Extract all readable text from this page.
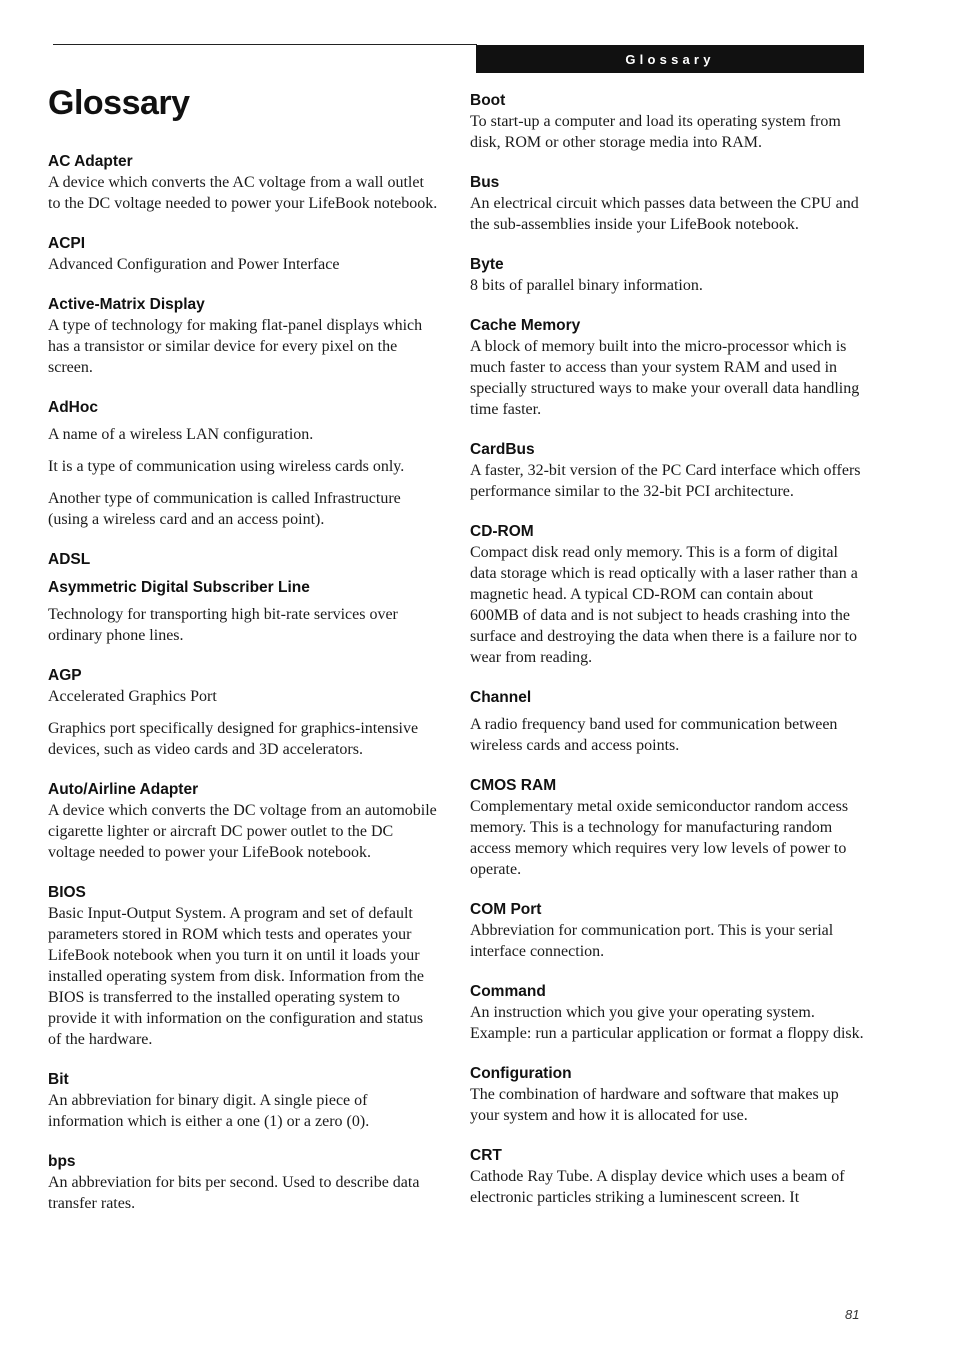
Glossary
Glossary
AC Adapter

A device which converts the AC voltage from a wall outlet to the DC voltage needed to power your LifeBook notebook.

ACPI

Advanced Configuration and Power Interface

Active-Matrix Display

A type of technology for making flat-panel displays which has a transistor or similar device for every pixel on the screen.

AdHoc

A name of a wireless LAN configuration.

It is a type of communication using wireless cards only.

Another type of communication is called Infrastructure (using a wireless card and an access point).

ADSL
Asymmetric Digital Subscriber Line

Technology for transporting high bit-rate services over ordinary phone lines.

AGP

Accelerated Graphics Port

Graphics port specifically designed for graphics-intensive devices, such as video cards and 3D accelerators.

Auto/Airline Adapter

A device which converts the DC voltage from an automobile cigarette lighter or aircraft DC power outlet to the DC voltage needed to power your LifeBook notebook.

BIOS

Basic Input-Output System. A program and set of default parameters stored in ROM which tests and operates your LifeBook notebook when you turn it on until it loads your installed operating system from disk. Information from the BIOS is transferred to the installed operating system to provide it with information on the configuration and status of the hardware.

Bit

An abbreviation for binary digit. A single piece of information which is either a one (1) or a zero (0).

bps

An abbreviation for bits per second. Used to describe data transfer rates.

Boot

To start-up a computer and load its operating system from disk, ROM or other storage media into RAM.

Bus

An electrical circuit which passes data between the CPU and the sub-assemblies inside your LifeBook notebook.

Byte

8 bits of parallel binary information.

Cache Memory

A block of memory built into the micro-processor which is much faster to access than your system RAM and used in specially structured ways to make your overall data handling time faster.

CardBus

A faster, 32-bit version of the PC Card interface which offers performance similar to the 32-bit PCI architecture.

CD-ROM

Compact disk read only memory. This is a form of digital data storage which is read optically with a laser rather than a magnetic head. A typical CD-ROM can contain about 600MB of data and is not subject to heads crashing into the surface and destroying the data when there is a failure nor to wear from reading.

Channel

A radio frequency band used for communication between wireless cards and access points.

CMOS RAM

Complementary metal oxide semiconductor random access memory. This is a technology for manufacturing random access memory which requires very low levels of power to operate.

COM Port

Abbreviation for communication port. This is your serial interface connection.

Command

An instruction which you give your operating system. Example: run a particular application or format a floppy disk.

Configuration

The combination of hardware and software that makes up your system and how it is allocated for use.

CRT

Cathode Ray Tube. A display device which uses a beam of electronic particles striking a luminescent screen. It

81
